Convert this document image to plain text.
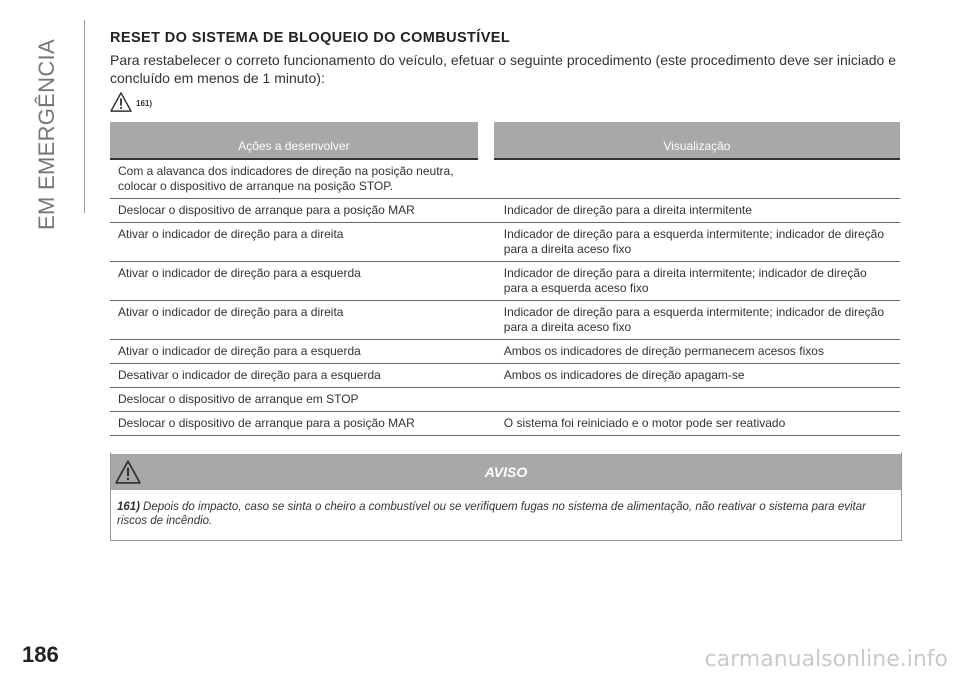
EM EMERGÊNCIA
RESET DO SISTEMA DE BLOQUEIO DO COMBUSTÍVEL

Para restabelecer o correto funcionamento do veículo, efetuar o seguinte procedimento (este procedimento deve ser iniciado e concluído em menos de 1 minuto):

161)
Ações a desenvolver	Visualização
Com a alavanca dos indicadores de direção na posição neutra, colocar o dispositivo de arranque na posição STOP.	
Deslocar o dispositivo de arranque para a posição MAR	Indicador de direção para a direita intermitente
Ativar o indicador de direção para a direita	Indicador de direção para a esquerda intermitente; indicador de direção para a direita aceso fixo
Ativar o indicador de direção para a esquerda	Indicador de direção para a direita intermitente; indicador de direção para a esquerda aceso fixo
Ativar o indicador de direção para a direita	Indicador de direção para a esquerda intermitente; indicador de direção para a direita aceso fixo
Ativar o indicador de direção para a esquerda	Ambos os indicadores de direção permanecem acesos fixos
Desativar o indicador de direção para a esquerda	Ambos os indicadores de direção apagam-se
Deslocar o dispositivo de arranque em STOP	
Deslocar o dispositivo de arranque para a posição MAR	O sistema foi reiniciado e o motor pode ser reativado
AVISO
161) Depois do impacto, caso se sinta o cheiro a combustível ou se verifiquem fugas no sistema de alimentação, não reativar o sistema para evitar riscos de incêndio.
186	carmanualsonline.info
